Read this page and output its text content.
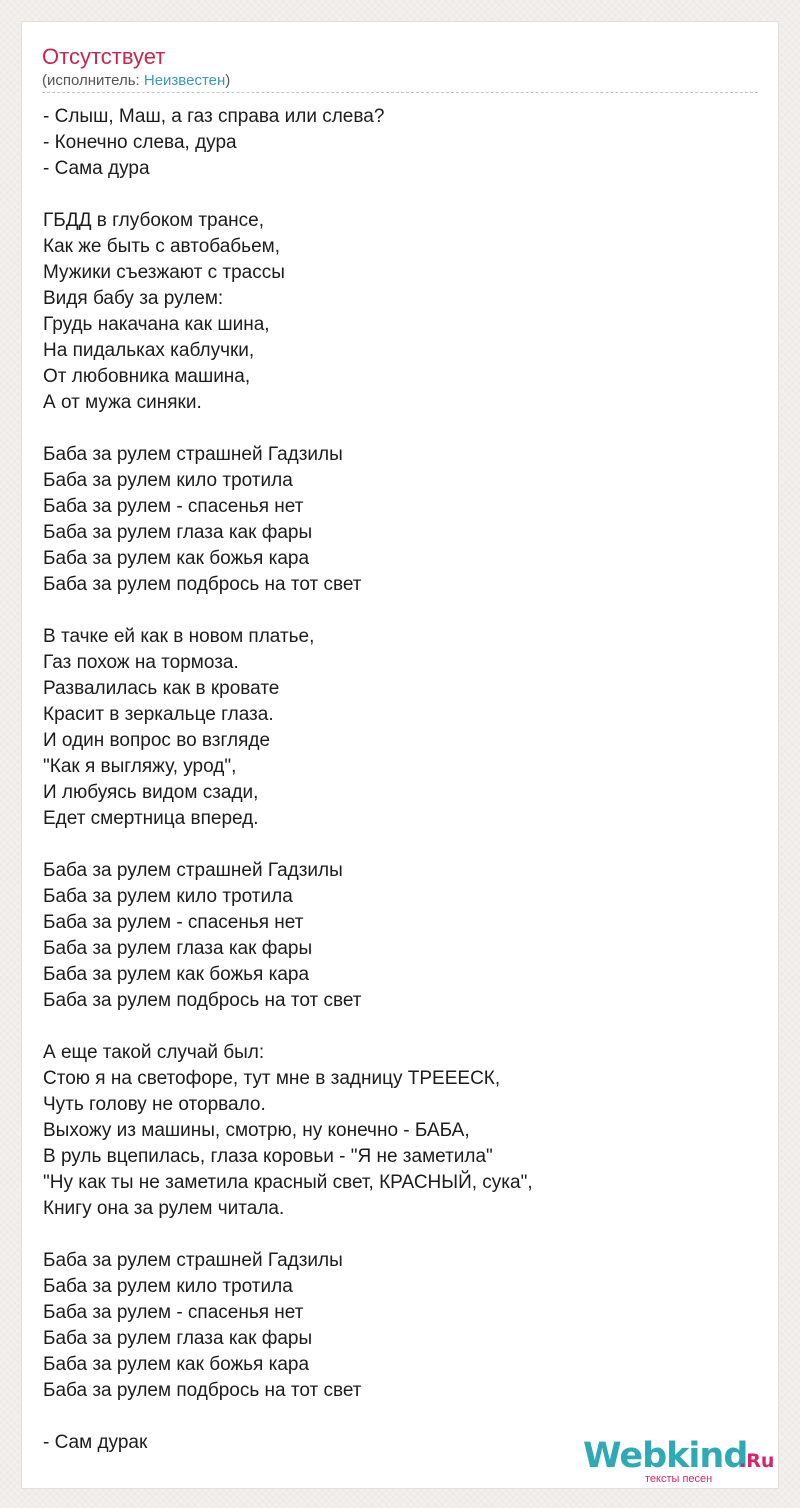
Отсутствует
(исполнитель: Неизвестен)
- Слыш, Маш, а газ справа или слева?
- Конечно слева, дура
- Сама дура
ГБДД в глубоком трансе,
Как же быть с автобабьем,
Мужики съезжают с трассы
Видя бабу за рулем:
Грудь накачана как шина,
На пидальках каблучки,
От любовника машина,
А от мужа синяки.
Баба за рулем страшней Гадзилы
Баба за рулем кило тротила
Баба за рулем - спасенья нет
Баба за рулем глаза как фары
Баба за рулем как божья кара
Баба за рулем подбрось на тот свет
В тачке ей как в новом платье,
Газ похож на тормоза.
Развалилась как в кровате
Красит в зеркальце глаза.
И один вопрос во взгляде
"Как я выгляжу, урод",
И любуясь видом сзади,
Едет смертница вперед.
Баба за рулем страшней Гадзилы
Баба за рулем кило тротила
Баба за рулем - спасенья нет
Баба за рулем глаза как фары
Баба за рулем как божья кара
Баба за рулем подбрось на тот свет
А еще такой случай был:
Стою я на светофоре, тут мне в задницу ТРЕЕЕСК,
Чуть голову не оторвало.
Выхожу из машины, смотрю, ну конечно - БАБА,
В руль вцепилась, глаза коровьи - "Я не заметила"
"Ну как ты не заметила красный свет, КРАСНЫЙ, сука",
Книгу она за рулем читала.
Баба за рулем страшней Гадзилы
Баба за рулем кило тротила
Баба за рулем - спасенья нет
Баба за рулем глаза как фары
Баба за рулем как божья кара
Баба за рулем подбрось на тот свет
- Сам дурак	Webkind
.Ru
тексты песен
